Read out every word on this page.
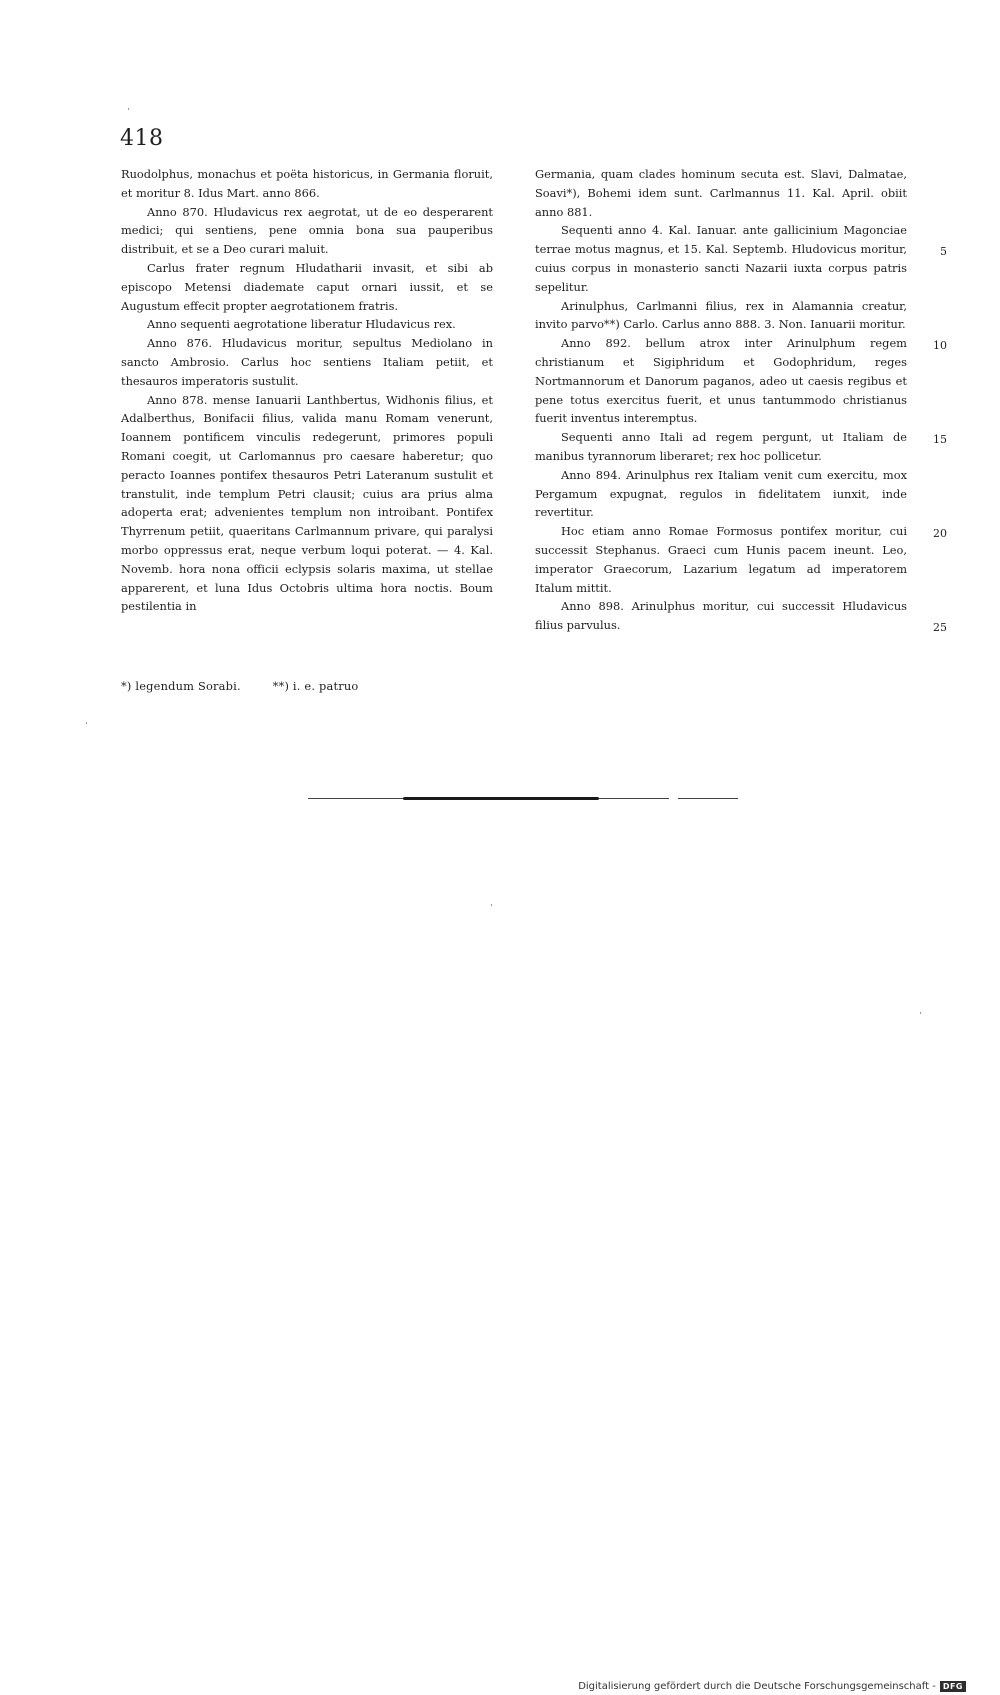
418

Ruodolphus, monachus et poëta historicus, in Germania floruit, et moritur 8. Idus Mart. anno 866.

Anno 870. Hludavicus rex aegrotat, ut de eo desperarent medici; qui sentiens, pene omnia bona sua pauperibus distribuit, et se a Deo curari maluit.

Carlus frater regnum Hludatharii invasit, et sibi ab episcopo Metensi diademate caput ornari iussit, et se Augustum effecit propter aegrotationem fratris.

Anno sequenti aegrotatione liberatur Hludavicus rex.

Anno 876. Hludavicus moritur, sepultus Mediolano in sancto Ambrosio. Carlus hoc sentiens Italiam petiit, et thesauros imperatoris sustulit.

Anno 878. mense Ianuarii Lanthbertus, Widhonis filius, et Adalberthus, Bonifacii filius, valida manu Romam venerunt, Ioannem pontificem vinculis redegerunt, primores populi Romani coegit, ut Carlomannus pro caesare haberetur; quo peracto Ioannes pontifex thesauros Petri Lateranum sustulit et transtulit, inde templum Petri clausit; cuius ara prius alma adoperta erat; advenientes templum non introibant. Pontifex Thyrrenum petiit, quaeritans Carlmannum privare, qui paralysi morbo oppressus erat, neque verbum loqui poterat. — 4. Kal. Novemb. hora nona officii eclypsis solaris maxima, ut stellae apparerent, et luna Idus Octobris ultima hora noctis. Boum pestilentia in

Germania, quam clades hominum secuta est. Slavi, Dalmatae, Soavi*), Bohemi idem sunt. Carlmannus 11. Kal. April. obiit anno 881.

Sequenti anno 4. Kal. Ianuar. ante gallicinium Magonciae terrae motus magnus, et 15. Kal. Septemb. Hludovicus moritur, cuius corpus in monasterio sancti Nazarii iuxta corpus patris sepelitur.

Arinulphus, Carlmanni filius, rex in Alamannia creatur, invito parvo**) Carlo. Carlus anno 888. 3. Non. Ianuarii moritur.

Anno 892. bellum atrox inter Arinulphum regem christianum et Sigiphridum et Godophridum, reges Nortmannorum et Danorum paganos, adeo ut caesis regibus et pene totus exercitus fuerit, et unus tantummodo christianus fuerit inventus interemptus.

Sequenti anno Itali ad regem pergunt, ut Italiam de manibus tyrannorum liberaret; rex hoc pollicetur.

Anno 894. Arinulphus rex Italiam venit cum exercitu, mox Pergamum expugnat, regulos in fidelitatem iunxit, inde revertitur.

Hoc etiam anno Romae Formosus pontifex moritur, cui successit Stephanus. Graeci cum Hunis pacem ineunt. Leo, imperator Graecorum, Lazarium legatum ad imperatorem Italum mittit.

Anno 898. Arinulphus moritur, cui successit Hludavicus filius parvulus.

5
10
15
20
25
*) legendum Sorabi.	**) i. e. patruo
Digitalisierung gefördert durch die Deutsche Forschungsgemeinschaft - DFG
